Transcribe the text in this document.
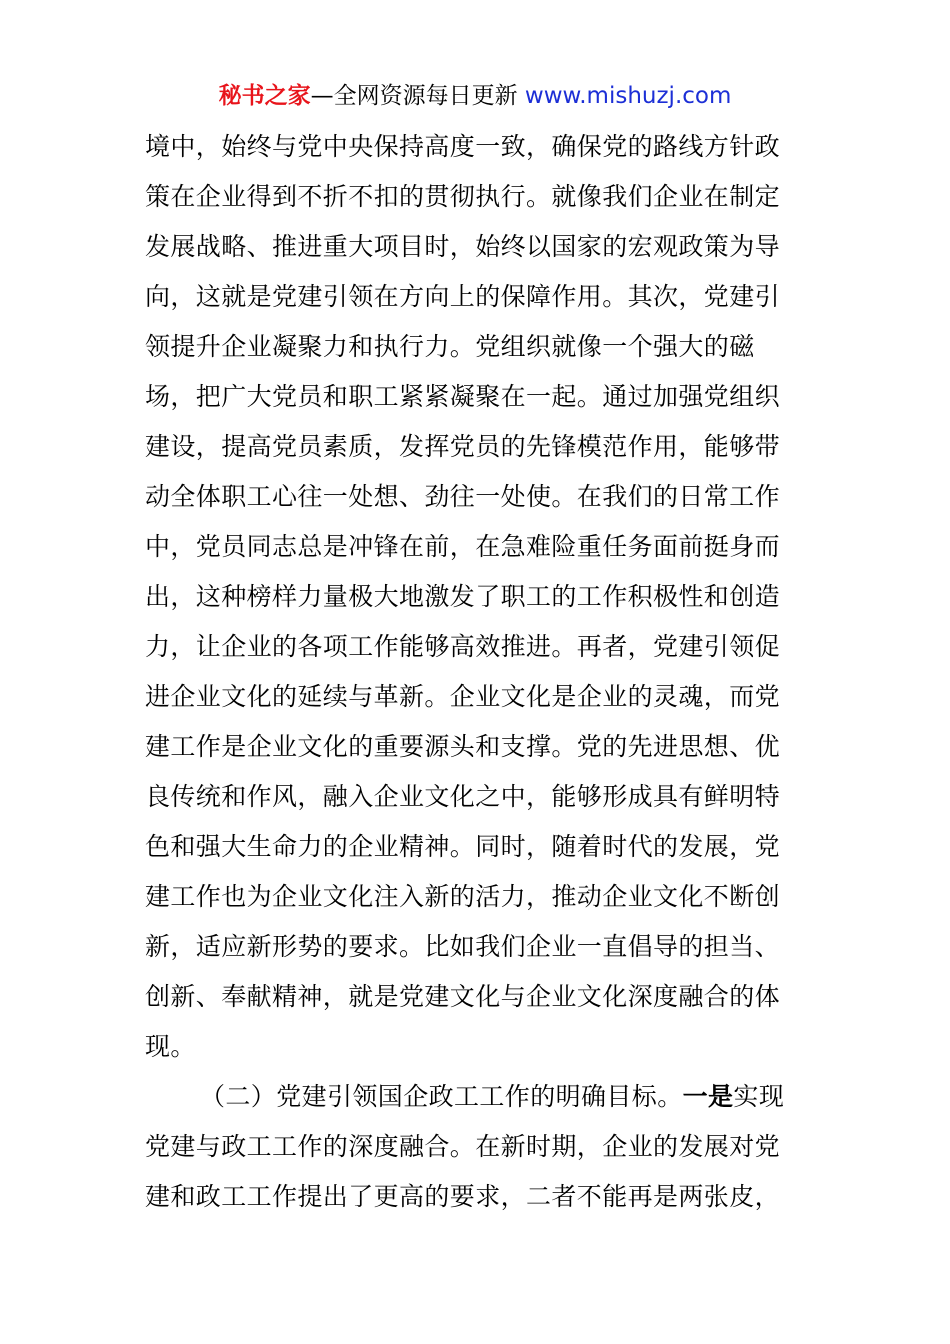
秘书之家—全网资源每日更新 www.mishuzj.com
境中，始终与党中央保持高度一致，确保党的路线方针政
策在企业得到不折不扣的贯彻执行。就像我们企业在制定
发展战略、推进重大项目时，始终以国家的宏观政策为导
向，这就是党建引领在方向上的保障作用。其次，党建引
领提升企业凝聚力和执行力。党组织就像一个强大的磁
场，把广大党员和职工紧紧凝聚在一起。通过加强党组织
建设，提高党员素质，发挥党员的先锋模范作用，能够带
动全体职工心往一处想、劲往一处使。在我们的日常工作
中，党员同志总是冲锋在前，在急难险重任务面前挺身而
出，这种榜样力量极大地激发了职工的工作积极性和创造
力，让企业的各项工作能够高效推进。再者，党建引领促
进企业文化的延续与革新。企业文化是企业的灵魂，而党
建工作是企业文化的重要源头和支撑。党的先进思想、优
良传统和作风，融入企业文化之中，能够形成具有鲜明特
色和强大生命力的企业精神。同时，随着时代的发展，党
建工作也为企业文化注入新的活力，推动企业文化不断创
新，适应新形势的要求。比如我们企业一直倡导的担当、
创新、奉献精神，就是党建文化与企业文化深度融合的体
现。
（二）党建引领国企政工工作的明确目标。一是实现
党建与政工工作的深度融合。在新时期，企业的发展对党
建和政工工作提出了更高的要求，二者不能再是两张皮，
